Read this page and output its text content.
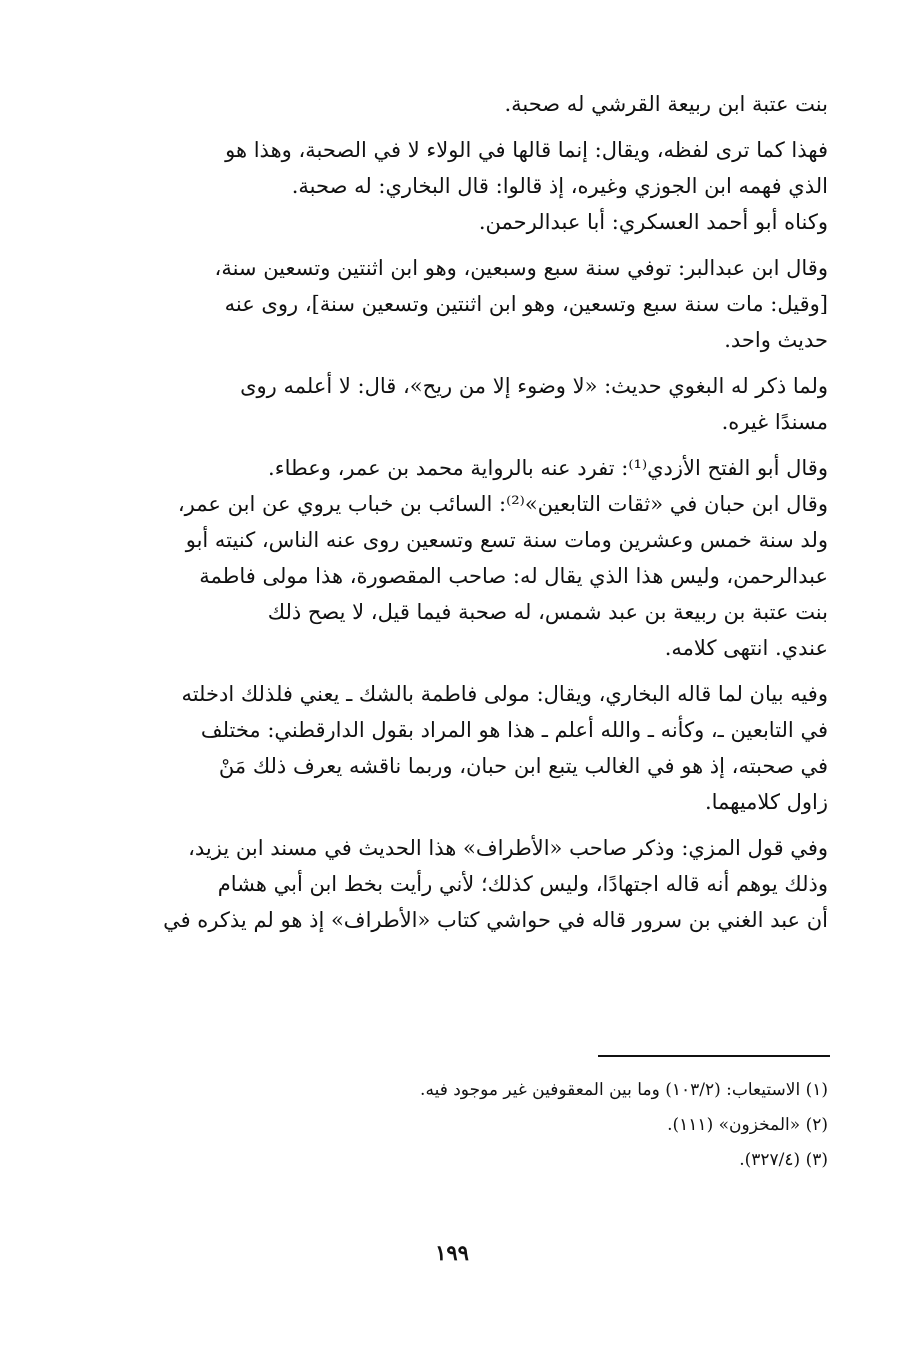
بنت عتبة ابن ربيعة القرشي له صحبة.

فهذا كما ترى لفظه، ويقال: إنما قالها في الولاء لا في الصحبة، وهذا هو
الذي فهمه ابن الجوزي وغيره، إذ قالوا: قال البخاري: له صحبة.
وكناه أبو أحمد العسكري: أبا عبدالرحمن.

وقال ابن عبدالبر: توفي سنة سبع وسبعين، وهو ابن اثنتين وتسعين سنة،
[وقيل: مات سنة سبع وتسعين، وهو ابن اثنتين وتسعين سنة]، روى عنه
حديث واحد.

ولما ذكر له البغوي حديث: «لا وضوء إلا من ريح»، قال: لا أعلمه روى
مسندًا غيره.

وقال أبو الفتح الأزدي⁽¹⁾: تفرد عنه بالرواية محمد بن عمر، وعطاء.
وقال ابن حبان في «ثقات التابعين»⁽²⁾: السائب بن خباب يروي عن ابن عمر،
ولد سنة خمس وعشرين ومات سنة تسع وتسعين روى عنه الناس، كنيته أبو
عبدالرحمن، وليس هذا الذي يقال له: صاحب المقصورة، هذا مولى فاطمة
بنت عتبة بن ربيعة بن عبد شمس، له صحبة فيما قيل، لا يصح ذلك
عندي. انتهى كلامه.

وفيه بيان لما قاله البخاري، ويقال: مولى فاطمة بالشك ـ يعني فلذلك ادخلته
في التابعين ـ، وكأنه ـ والله أعلم ـ هذا هو المراد بقول الدارقطني: مختلف
في صحبته، إذ هو في الغالب يتبع ابن حبان، وربما ناقشه يعرف ذلك مَنْ
زاول كلاميهما.

وفي قول المزي: وذكر صاحب «الأطراف» هذا الحديث في مسند ابن يزيد،
وذلك يوهم أنه قاله اجتهادًا، وليس كذلك؛ لأني رأيت بخط ابن أبي هشام
أن عبد الغني بن سرور قاله في حواشي كتاب «الأطراف» إذ هو لم يذكره في

(١) الاستيعاب: (١٠٣/٢) وما بين المعقوفين غير موجود فيه.
(٢) «المخزون» (١١١).
(٣) (٣٢٧/٤).
١٩٩
